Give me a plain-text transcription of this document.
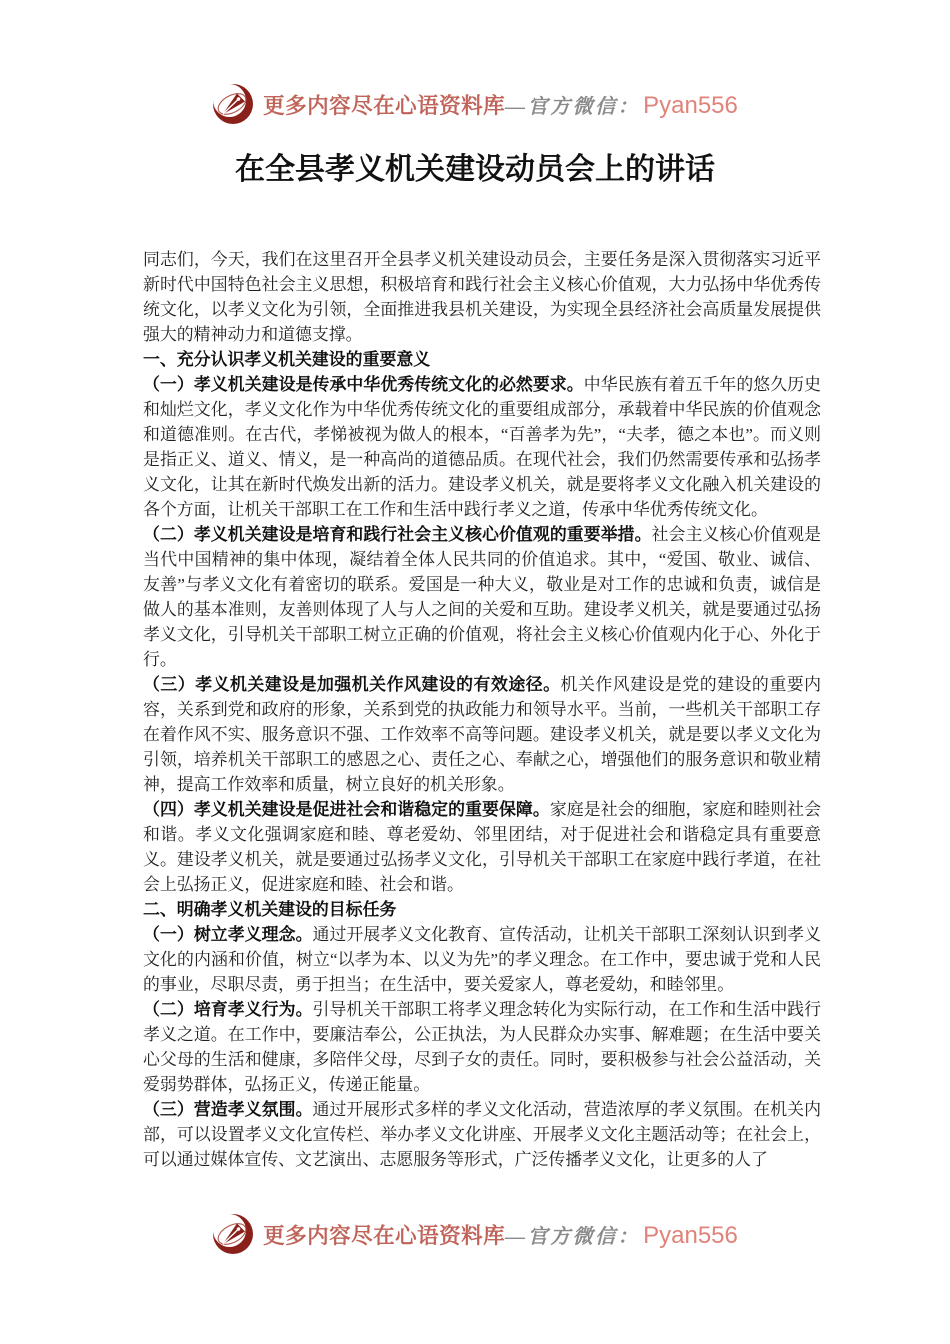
更多内容尽在心语资料库—官方微信： Pyan556
在全县孝义机关建设动员会上的讲话

同志们，今天，我们在这里召开全县孝义机关建设动员会，主要任务是深入贯彻落实习近平新时代中国特色社会主义思想，积极培育和践行社会主义核心价值观，大力弘扬中华优秀传统文化，以孝义文化为引领，全面推进我县机关建设，为实现全县经济社会高质量发展提供强大的精神动力和道德支撑。

一、充分认识孝义机关建设的重要意义

（一）孝义机关建设是传承中华优秀传统文化的必然要求。中华民族有着五千年的悠久历史和灿烂文化，孝义文化作为中华优秀传统文化的重要组成部分，承载着中华民族的价值观念和道德准则。在古代，孝悌被视为做人的根本，“百善孝为先”，“夫孝，德之本也”。而义则是指正义、道义、情义，是一种高尚的道德品质。在现代社会，我们仍然需要传承和弘扬孝义文化，让其在新时代焕发出新的活力。建设孝义机关，就是要将孝义文化融入机关建设的各个方面，让机关干部职工在工作和生活中践行孝义之道，传承中华优秀传统文化。

（二）孝义机关建设是培育和践行社会主义核心价值观的重要举措。社会主义核心价值观是当代中国精神的集中体现，凝结着全体人民共同的价值追求。其中，“爱国、敬业、诚信、友善”与孝义文化有着密切的联系。爱国是一种大义，敬业是对工作的忠诚和负责，诚信是做人的基本准则，友善则体现了人与人之间的关爱和互助。建设孝义机关，就是要通过弘扬孝义文化，引导机关干部职工树立正确的价值观，将社会主义核心价值观内化于心、外化于行。

（三）孝义机关建设是加强机关作风建设的有效途径。机关作风建设是党的建设的重要内容，关系到党和政府的形象，关系到党的执政能力和领导水平。当前，一些机关干部职工存在着作风不实、服务意识不强、工作效率不高等问题。建设孝义机关，就是要以孝义文化为引领，培养机关干部职工的感恩之心、责任之心、奉献之心，增强他们的服务意识和敬业精神，提高工作效率和质量，树立良好的机关形象。

（四）孝义机关建设是促进社会和谐稳定的重要保障。家庭是社会的细胞，家庭和睦则社会和谐。孝义文化强调家庭和睦、尊老爱幼、邻里团结，对于促进社会和谐稳定具有重要意义。建设孝义机关，就是要通过弘扬孝义文化，引导机关干部职工在家庭中践行孝道，在社会上弘扬正义，促进家庭和睦、社会和谐。

二、明确孝义机关建设的目标任务

（一）树立孝义理念。通过开展孝义文化教育、宣传活动，让机关干部职工深刻认识到孝义文化的内涵和价值，树立“以孝为本、以义为先”的孝义理念。在工作中，要忠诚于党和人民的事业，尽职尽责，勇于担当；在生活中，要关爱家人，尊老爱幼，和睦邻里。

（二）培育孝义行为。引导机关干部职工将孝义理念转化为实际行动，在工作和生活中践行孝义之道。在工作中，要廉洁奉公，公正执法，为人民群众办实事、解难题；在生活中要关心父母的生活和健康，多陪伴父母，尽到子女的责任。同时，要积极参与社会公益活动，关爱弱势群体，弘扬正义，传递正能量。

（三）营造孝义氛围。通过开展形式多样的孝义文化活动，营造浓厚的孝义氛围。在机关内部，可以设置孝义文化宣传栏、举办孝义文化讲座、开展孝义文化主题活动等；在社会上，可以通过媒体宣传、文艺演出、志愿服务等形式，广泛传播孝义文化，让更多的人了

更多内容尽在心语资料库—官方微信： Pyan556
